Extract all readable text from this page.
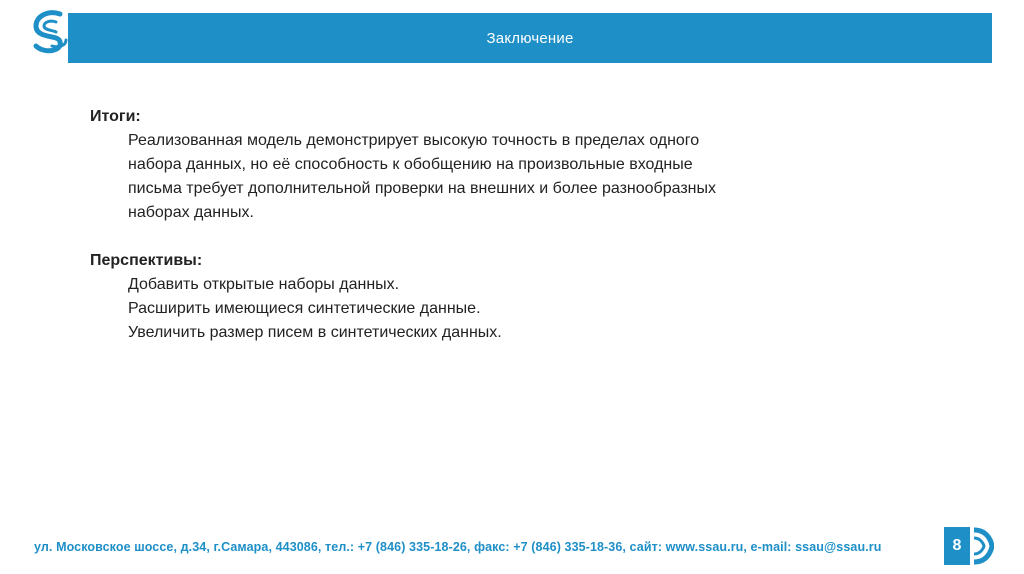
Заключение

Итоги:

Реализованная модель демонстрирует высокую точность в пределах одного

набора данных, но её способность к обобщению на произвольные входные

письма требует дополнительной проверки на внешних и более разнообразных

наборах данных.

Перспективы:

Добавить открытые наборы данных.

Расширить имеющиеся синтетические данные.

Увеличить размер писем в синтетических данных.

ул. Московское шоссе, д.34, г.Самара, 443086, тел.: +7 (846) 335-18-26, факс: +7 (846) 335-18-36, сайт: www.ssau.ru, e-mail: ssau@ssau.ru	8
